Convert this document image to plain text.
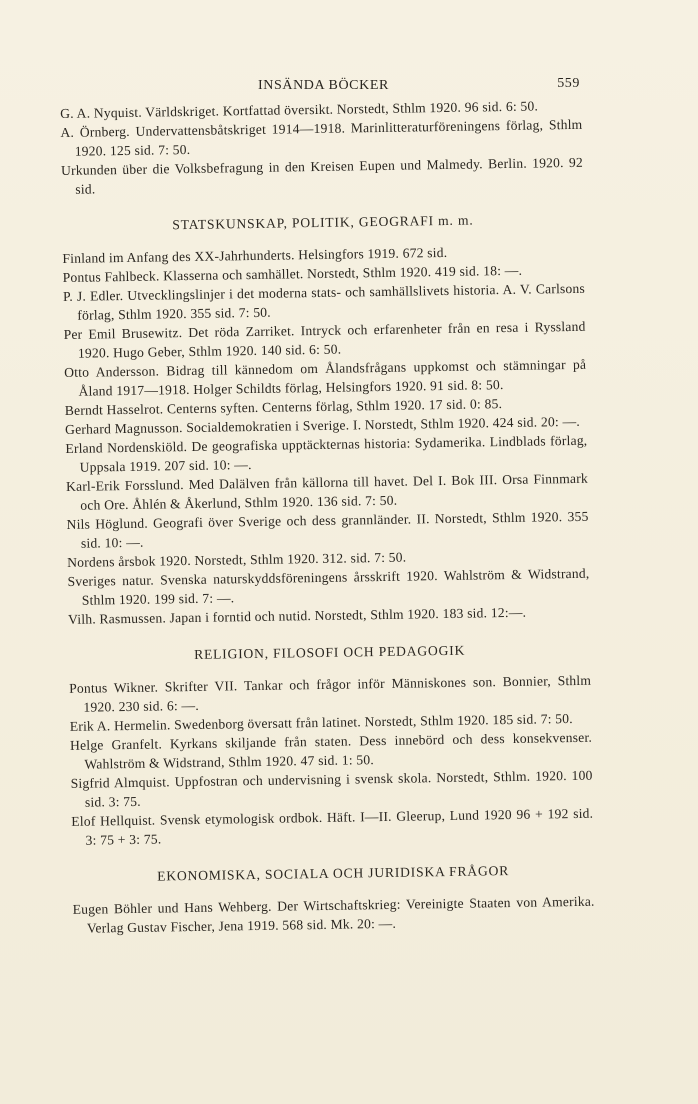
INSÄNDA BÖCKER	559
G. A. Nyquist. Världskriget. Kortfattad översikt. Norstedt, Sthlm 1920. 96 sid. 6: 50.
A. Örnberg. Undervattensbåtskriget 1914—1918. Marinlitteraturföreningens förlag, Sthlm 1920. 125 sid. 7: 50.
Urkunden über die Volksbefragung in den Kreisen Eupen und Malmedy. Berlin. 1920. 92 sid.
STATSKUNSKAP, POLITIK, GEOGRAFI m. m.
Finland im Anfang des XX-Jahrhunderts. Helsingfors 1919. 672 sid.
Pontus Fahlbeck. Klasserna och samhället. Norstedt, Sthlm 1920. 419 sid. 18: —.
P. J. Edler. Utvecklingslinjer i det moderna stats- och samhällslivets historia. A. V. Carlsons förlag, Sthlm 1920. 355 sid. 7: 50.
Per Emil Brusewitz. Det röda Zarriket. Intryck och erfarenheter från en resa i Ryssland 1920. Hugo Geber, Sthlm 1920. 140 sid. 6: 50.
Otto Andersson. Bidrag till kännedom om Ålandsfrågans uppkomst och stämningar på Åland 1917—1918. Holger Schildts förlag, Helsingfors 1920. 91 sid. 8: 50.
Berndt Hasselrot. Centerns syften. Centerns förlag, Sthlm 1920. 17 sid. 0: 85.
Gerhard Magnusson. Socialdemokratien i Sverige. I. Norstedt, Sthlm 1920. 424 sid. 20: —.
Erland Nordenskiöld. De geografiska upptäckternas historia: Sydamerika. Lindblads förlag, Uppsala 1919. 207 sid. 10: —.
Karl-Erik Forsslund. Med Dalälven från källorna till havet. Del I. Bok III. Orsa Finnmark och Ore. Åhlén & Åkerlund, Sthlm 1920. 136 sid. 7: 50.
Nils Höglund. Geografi över Sverige och dess grannländer. II. Norstedt, Sthlm 1920. 355 sid. 10: —.
Nordens årsbok 1920. Norstedt, Sthlm 1920. 312. sid. 7: 50.
Sveriges natur. Svenska naturskyddsföreningens årsskrift 1920. Wahlström & Widstrand, Sthlm 1920. 199 sid. 7: —.
Vilh. Rasmussen. Japan i forntid och nutid. Norstedt, Sthlm 1920. 183 sid. 12:—.
RELIGION, FILOSOFI OCH PEDAGOGIK
Pontus Wikner. Skrifter VII. Tankar och frågor inför Människones son. Bonnier, Sthlm 1920. 230 sid. 6: —.
Erik A. Hermelin. Swedenborg översatt från latinet. Norstedt, Sthlm 1920. 185 sid. 7: 50.
Helge Granfelt. Kyrkans skiljande från staten. Dess innebörd och dess konsekvenser. Wahlström & Widstrand, Sthlm 1920. 47 sid. 1: 50.
Sigfrid Almquist. Uppfostran och undervisning i svensk skola. Norstedt, Sthlm. 1920. 100 sid. 3: 75.
Elof Hellquist. Svensk etymologisk ordbok. Häft. I—II. Gleerup, Lund 1920 96 + 192 sid. 3: 75 + 3: 75.
EKONOMISKA, SOCIALA OCH JURIDISKA FRÅGOR
Eugen Böhler und Hans Wehberg. Der Wirtschaftskrieg: Vereinigte Staaten von Amerika. Verlag Gustav Fischer, Jena 1919. 568 sid. Mk. 20: —.
